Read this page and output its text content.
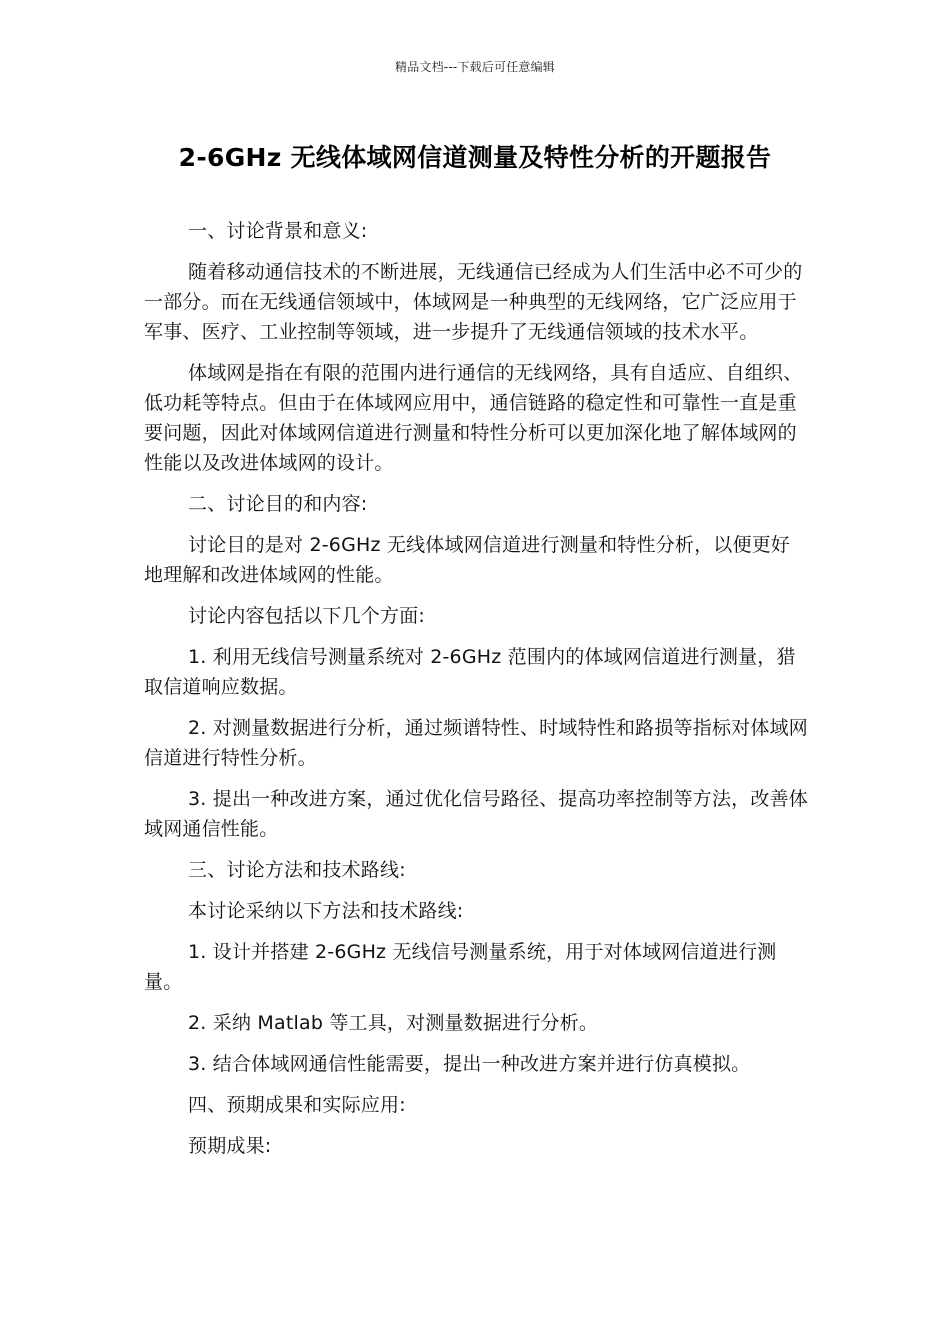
精品文档---下载后可任意编辑
2-6GHz 无线体域网信道测量及特性分析的开题报告

一、讨论背景和意义:

随着移动通信技术的不断进展，无线通信已经成为人们生活中必不可少的一部分。而在无线通信领域中，体域网是一种典型的无线网络，它广泛应用于军事、医疗、工业控制等领域，进一步提升了无线通信领域的技术水平。

体域网是指在有限的范围内进行通信的无线网络，具有自适应、自组织、低功耗等特点。但由于在体域网应用中，通信链路的稳定性和可靠性一直是重要问题，因此对体域网信道进行测量和特性分析可以更加深化地了解体域网的性能以及改进体域网的设计。

二、讨论目的和内容:

讨论目的是对 2-6GHz 无线体域网信道进行测量和特性分析，以便更好地理解和改进体域网的性能。

讨论内容包括以下几个方面:

1. 利用无线信号测量系统对 2-6GHz 范围内的体域网信道进行测量，猎取信道响应数据。

2. 对测量数据进行分析，通过频谱特性、时域特性和路损等指标对体域网信道进行特性分析。

3. 提出一种改进方案，通过优化信号路径、提高功率控制等方法，改善体域网通信性能。

三、讨论方法和技术路线:

本讨论采纳以下方法和技术路线:

1. 设计并搭建 2-6GHz 无线信号测量系统，用于对体域网信道进行测量。

2. 采纳 Matlab 等工具，对测量数据进行分析。

3. 结合体域网通信性能需要，提出一种改进方案并进行仿真模拟。

四、预期成果和实际应用:

预期成果:
